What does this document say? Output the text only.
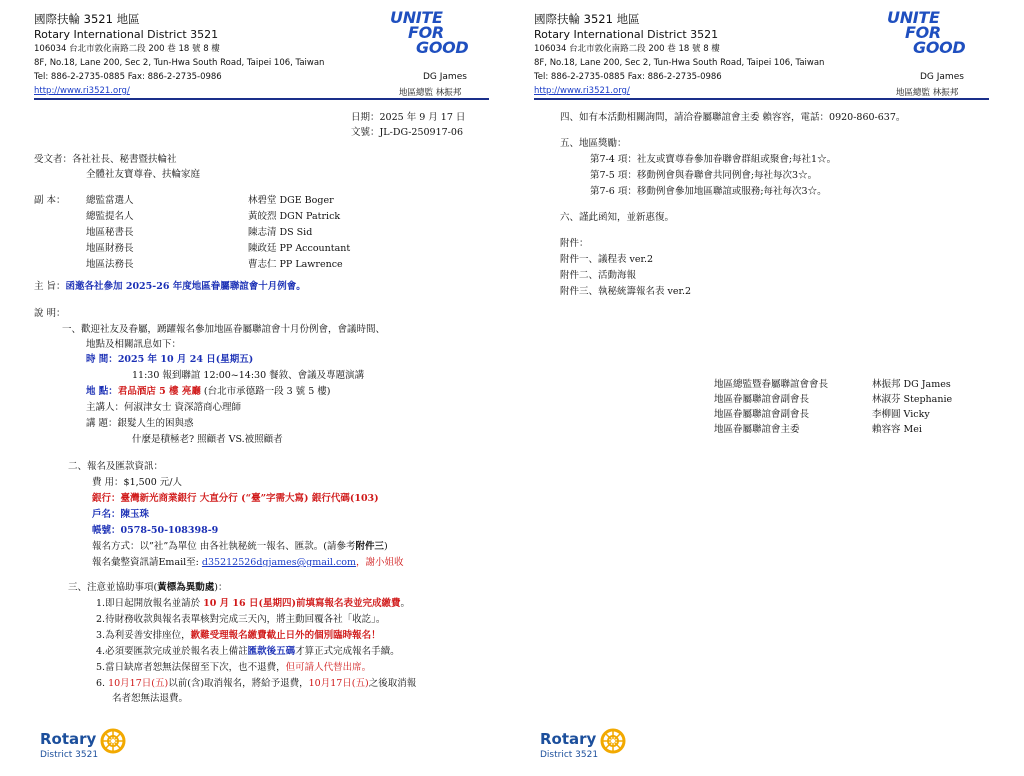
國際扶輪 3521 地區
Rotary International District 3521
106034 台北市敦化南路二段 200 巷 18 號 8 樓
8F, No.18, Lane 200, Sec 2, Tun-Hwa South Road, Taipei 106, Taiwan
Tel: 886-2-2735-0885 Fax: 886-2-2735-0986
http://www.ri3521.org/
UNITE
FOR
GOOD
DG James
地區總監 林振邦
日期：2025 年 9 月 17 日
文號：JL-DG-250917-06
受文者：各社社長、秘書暨扶輪社
全體社友寶尊眷、扶輪家庭
副 本： 總監當選人	林碧堂 DGE Boger
總監提名人	黃皎烈 DGN Patrick
地區秘書長	陳志清 DS Sid
地區財務長	陳政廷 PP Accountant
地區法務長	曹志仁 PP Lawrence
主 旨：函邀各社參加 2025-26 年度地區眷屬聯誼會十月例會。
說 明：
一、歡迎社友及眷屬，踴躍報名參加地區眷屬聯誼會十月份例會，會議時間、
地點及相關訊息如下：
時 間：2025 年 10 月 24 日(星期五)
11:30 報到聯誼 12:00~14:30 餐敘、會議及專題演講
地 點：君品酒店 5 樓 亮廳 (台北市承德路一段 3 號 5 樓)
主講人：何淑津女士 資深諮商心理師
講 題：銀髮人生的困與惑
什麼是積極老? 照顧者 VS.被照顧者
二、報名及匯款資訊：
費 用：$1,500 元/人
銀行：臺灣新光商業銀行 大直分行 (“臺”字需大寫) 銀行代碼(103)
戶名：陳玉珠
帳號：0578-50-108398-9
報名方式：以”社”為單位 由各社執秘統一報名、匯款。(請參考附件三)
報名彙整資訊請Email至: d35212526dgjames@gmail.com，謝小姐收
三、注意並協助事項(黃標為異動處)：
1.即日起開放報名並請於 10 月 16 日(星期四)前填寫報名表並完成繳費。
2.待財務收款與報名表單核對完成三天內，將主動回覆各社「收訖」。
3.為利妥善安排座位，歉難受理報名繳費截止日外的個別臨時報名！
4.必須要匯款完成並於報名表上備註匯款後五碼才算正式完成報名手續。
5.當日缺席者恕無法保留至下次，也不退費，但可請人代替出席。
6. 10月17日(五)以前(含)取消報名，將給予退費，10月17日(五)之後取消報
名者恕無法退費。
Rotary
District 3521
國際扶輪 3521 地區
Rotary International District 3521
106034 台北市敦化南路二段 200 巷 18 號 8 樓
8F, No.18, Lane 200, Sec 2, Tun-Hwa South Road, Taipei 106, Taiwan
Tel: 886-2-2735-0885 Fax: 886-2-2735-0986
http://www.ri3521.org/
UNITE
FOR
GOOD
DG James
地區總監 林振邦
四、如有本活動相關詢問，請洽眷屬聯誼會主委 賴容容，電話：0920-860-637。
五、地區獎勵：
第7-4 項：社友或寶尊眷參加眷聯會群組或聚會;每社1☆。
第7-5 項：移動例會與眷聯會共同例會;每社每次3☆。
第7-6 項：移動例會參加地區聯誼或服務;每社每次3☆。
六、謹此函知，並新惠復。
附件：
附件一、議程表 ver.2
附件二、活動海報
附件三、執秘統籌報名表 ver.2
地區總監暨眷屬聯誼會會長	林振邦 DG James
地區眷屬聯誼會副會長	林淑芬 Stephanie
地區眷屬聯誼會副會長	李柳圓 Vicky
地區眷屬聯誼會主委	賴容容 Mei
Rotary
District 3521
